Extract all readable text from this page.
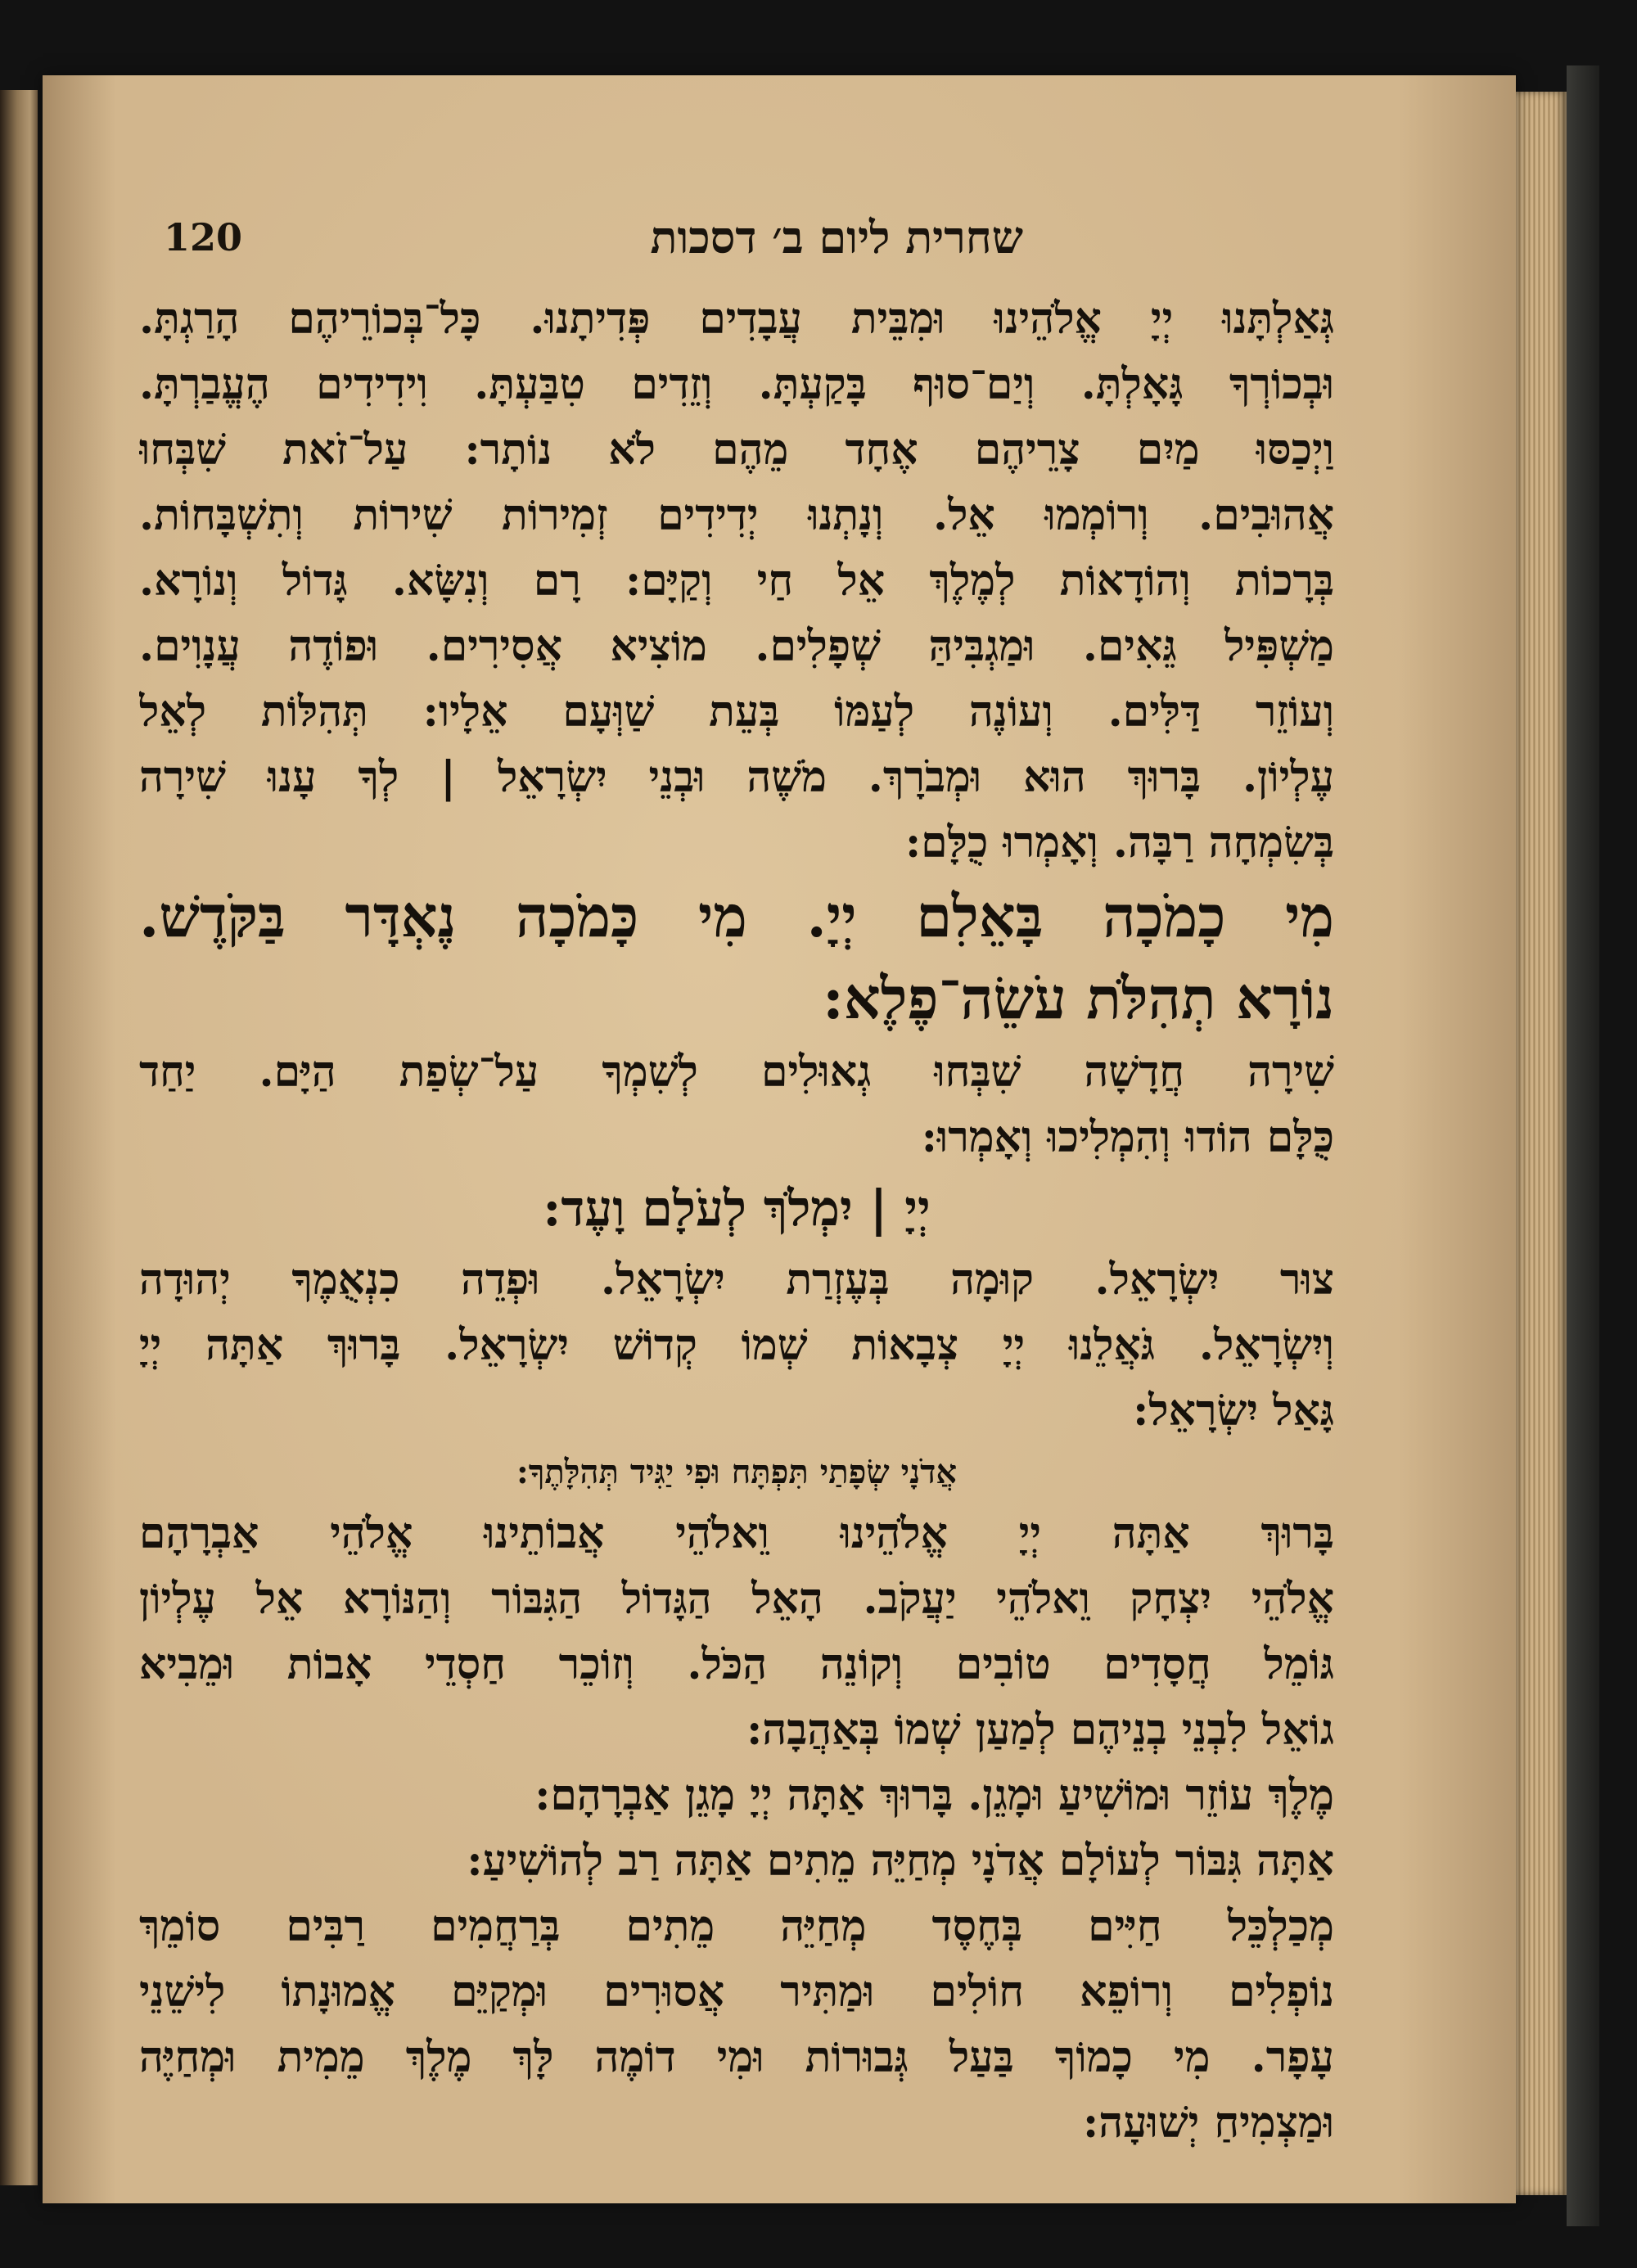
120	שחרית ליום ב׳ דסכות
גְּאַלְתָּנוּ יְיָ אֱלֹהֵינוּ וּמִבֵּית עֲבָדִים פְּדִיתָנוּ. כָּל־בְּכוֹרֵיהֶם הָרַגְתָּ.
וּבְכוֹרְךָ גָּאָלְתָּ. וְיַם־סוּף בָּקַעְתָּ. וְזֵדִים טִבַּעְתָּ. וִידִידִים הֶעֱבַרְתָּ.
וַיְכַסּוּ מַיִם צָרֵיהֶם אֶחָד מֵהֶם לֹא נוֹתָר: עַל־זֹאת שִׁבְּחוּ
אֲהוּבִים. וְרוֹמְמוּ אֵל. וְנָתְנוּ יְדִידִים זְמִירוֹת שִׁירוֹת וְתִשְׁבָּחוֹת.
בְּרָכוֹת וְהוֹדָאוֹת לְמֶלֶךְ אֵל חַי וְקַיָּם: רָם וְנִשָּׂא. גָּדוֹל וְנוֹרָא.
מַשְׁפִּיל גֵּאִים. וּמַגְבִּיהַּ שְׁפָלִים. מוֹצִיא אֲסִירִים. וּפוֹדֶה עֲנָוִים.
וְעוֹזֵר דַּלִּים. וְעוֹנֶה לְעַמּוֹ בְּעֵת שַׁוְּעָם אֵלָיו: תְּהִלּוֹת לְאֵל
עֶלְיוֹן. בָּרוּךְ הוּא וּמְבֹרָךְ. מֹשֶׁה וּבְנֵי יִשְׂרָאֵל | לְךָ עָנוּ שִׁירָה
בְּשִׂמְחָה רַבָּה. וְאָמְרוּ כֻלָּם:
מִי כָמֹכָה בָּאֵלִם יְיָ. מִי כָּמֹכָה נֶאְדָּר בַּקֹּדֶשׁ.
נוֹרָא תְהִלֹּת עֹשֵׂה־פֶלֶא:
שִׁירָה חֲדָשָׁה שִׁבְּחוּ גְאוּלִים לְשִׁמְךָ עַל־שְׂפַת הַיָּם. יַחַד
כֻּלָּם הוֹדוּ וְהִמְלִיכוּ וְאָמְרוּ:
יְיָ | יִמְלֹךְ לְעֹלָם וָעֶד:
צוּר יִשְׂרָאֵל. קוּמָה בְּעֶזְרַת יִשְׂרָאֵל. וּפְדֵה כִנְאֻמֶךָ יְהוּדָה
וְיִשְׂרָאֵל. גֹּאֲלֵנוּ יְיָ צְבָאוֹת שְׁמוֹ קְדוֹשׁ יִשְׂרָאֵל. בָּרוּךְ אַתָּה יְיָ
גָּאַל יִשְׂרָאֵל:
אֲדֹנָי שְׂפָתַי תִּפְתָּח וּפִי יַגִּיד תְּהִלָּתֶךָ:
בָּרוּךְ אַתָּה יְיָ אֱלֹהֵינוּ וֵאלֹהֵי אֲבוֹתֵינוּ אֱלֹהֵי אַבְרָהָם
אֱלֹהֵי יִצְחָק וֵאלֹהֵי יַעֲקֹב. הָאֵל הַגָּדוֹל הַגִּבּוֹר וְהַנּוֹרָא אֵל עֶלְיוֹן
גּוֹמֵל חֲסָדִים טוֹבִים וְקוֹנֵה הַכֹּל. וְזוֹכֵר חַסְדֵי אָבוֹת וּמֵבִיא
גוֹאֵל לִבְנֵי בְנֵיהֶם לְמַעַן שְׁמוֹ בְּאַהֲבָה:
מֶלֶךְ עוֹזֵר וּמוֹשִׁיעַ וּמָגֵן. בָּרוּךְ אַתָּה יְיָ מָגֵן אַבְרָהָם:
אַתָּה גִּבּוֹר לְעוֹלָם אֲדֹנָי מְחַיֵּה מֵתִים אַתָּה רַב לְהוֹשִׁיעַ:
מְכַלְכֵּל חַיִּים בְּחֶסֶד מְחַיֵּה מֵתִים בְּרַחֲמִים רַבִּים סוֹמֵךְ
נוֹפְלִים וְרוֹפֵא חוֹלִים וּמַתִּיר אֲסוּרִים וּמְקַיֵּם אֱמוּנָתוֹ לִישֵׁנֵי
עָפָר. מִי כָמוֹךָ בַּעַל גְּבוּרוֹת וּמִי דוֹמֶה לָּךְ מֶלֶךְ מֵמִית וּמְחַיֶּה
וּמַצְמִיחַ יְשׁוּעָה:
